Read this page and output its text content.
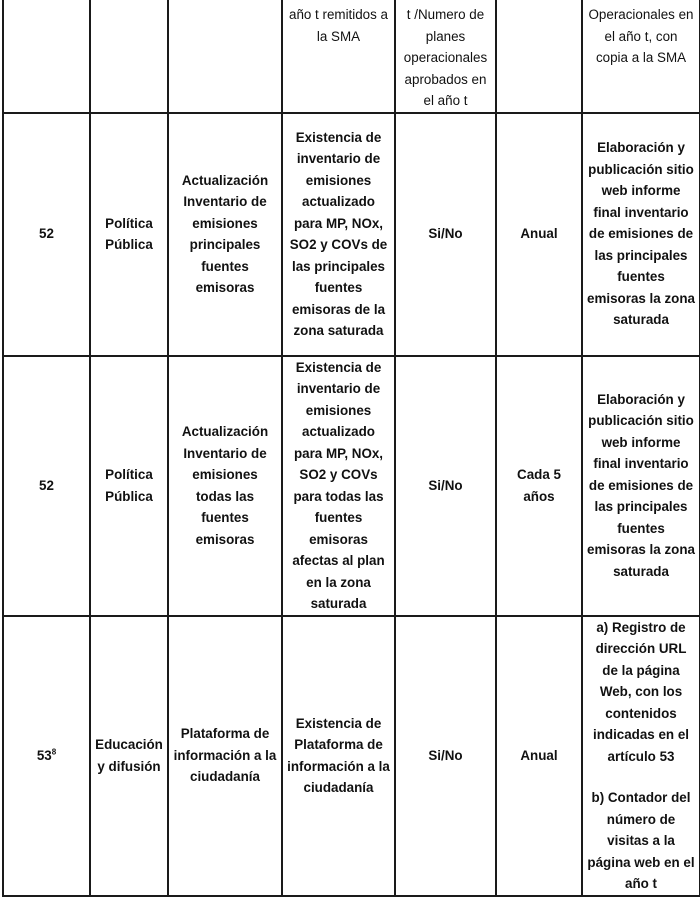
			año t remitidos a la SMA	t /Numero de planes operacionales aprobados en el año t		Operacionales en el año t, con copia a la SMA
52	Política Pública	Actualización Inventario de emisiones principales fuentes emisoras	Existencia de inventario de emisiones actualizado para MP, NOx, SO2 y COVs de las principales fuentes emisoras de la zona saturada	Si/No	Anual	Elaboración y publicación sitio web informe final inventario de emisiones de las principales fuentes emisoras la zona saturada
52	Política Pública	Actualización Inventario de emisiones todas las fuentes emisoras	Existencia de inventario de emisiones actualizado para MP, NOx, SO2 y COVs para todas las fuentes emisoras afectas al plan en la zona saturada	Si/No	Cada 5 años	Elaboración y publicación sitio web informe final inventario de emisiones de las principales fuentes emisoras la zona saturada
$53^8$	Educación y difusión	Plataforma de información a la ciudadanía	Existencia de Plataforma de información a la ciudadanía	Si/No	Anual	a) Registro de dirección URL de la página Web, con los contenidos indicadas en el artículo 53
b) Contador del número de visitas a la página web en el año t
